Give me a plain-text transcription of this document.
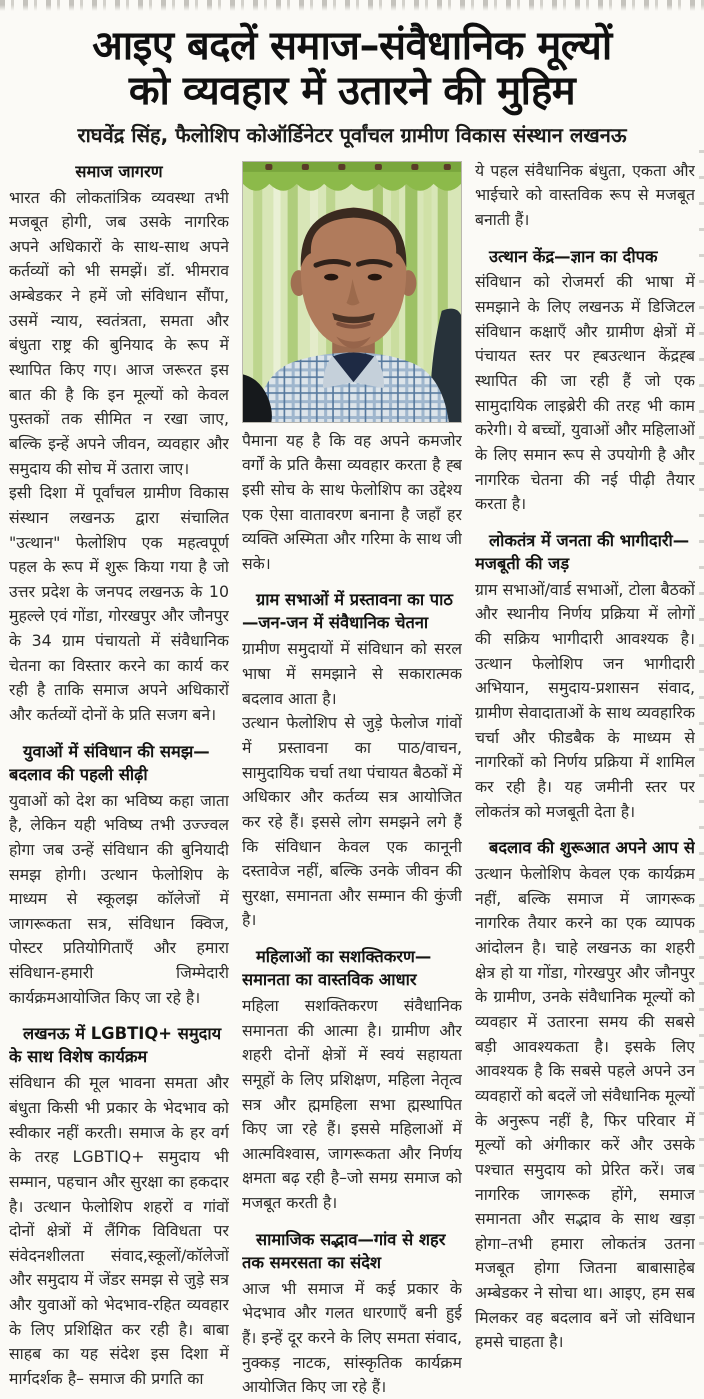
आइए बदलें समाज–संवैधानिक मूल्यों
को व्यवहार में उतारने की मुहिम
राघवेंद्र सिंह, फैलोशिप कोऑर्डिनेटर पूर्वांचल ग्रामीण विकास संस्थान लखनऊ
समाज जागरण

भारत की लोकतांत्रिक व्यवस्था तभी मजबूत होगी, जब उसके नागरिक अपने अधिकारों के साथ-साथ अपने कर्तव्यों को भी समझें। डॉ. भीमराव अम्बेडकर ने हमें जो संविधान सौंपा, उसमें न्याय, स्वतंत्रता, समता और बंधुता राष्ट्र की बुनियाद के रूप में स्थापित किए गए। आज जरूरत इस बात की है कि इन मूल्यों को केवल पुस्तकों तक सीमित न रखा जाए, बल्कि इन्हें अपने जीवन, व्यवहार और समुदाय की सोच में उतारा जाए।

इसी दिशा में पूर्वांचल ग्रामीण विकास संस्थान लखनऊ द्वारा संचालित "उत्थान" फेलोशिप एक महत्वपूर्ण पहल के रूप में शुरू किया गया है जो उत्तर प्रदेश के जनपद लखनऊ के 10 मुहल्ले एवं गोंडा, गोरखपुर और जौनपुर के 34 ग्राम पंचायतो में संवैधानिक चेतना का विस्तार करने का कार्य कर रही है ताकि समाज अपने अधिकारों और कर्तव्यों दोनों के प्रति सजग बने।

युवाओं में संविधान की समझ— बदलाव की पहली सीढ़ी

युवाओं को देश का भविष्य कहा जाता है, लेकिन यही भविष्य तभी उज्ज्वल होगा जब उन्हें संविधान की बुनियादी समझ होगी। उत्थान फेलोशिप के माध्यम से स्कूलझ कॉलेजों में जागरूकता सत्र, संविधान क्विज, पोस्टर प्रतियोगिताएँ और हमारा संविधान-हमारी जिम्मेदारी कार्यक्रमआयोजित किए जा रहे है।

लखनऊ में LGBTIQ+ समुदाय के साथ विशेष कार्यक्रम

संविधान की मूल भावना समता और बंधुता किसी भी प्रकार के भेदभाव को स्वीकार नहीं करती। समाज के हर वर्ग के तरह LGBTIQ+ समुदाय भी सम्मान, पहचान और सुरक्षा का हकदार है। उत्थान फेलोशिप शहरों व गांवों दोनों क्षेत्रों में लैंगिक विविधता पर संवेदनशीलता संवाद,स्कूलों/कॉलेजों और समुदाय में जेंडर समझ से जुड़े सत्र और युवाओं को भेदभाव-रहित व्यवहार के लिए प्रशिक्षित कर रही है। बाबा साहब का यह संदेश इस दिशा में मार्गदर्शक है– समाज की प्रगति का

पैमाना यह है कि वह अपने कमजोर वर्गों के प्रति कैसा व्यवहार करता है ह्ब इसी सोच के साथ फेलोशिप का उद्देश्य एक ऐसा वातावरण बनाना है जहाँ हर व्यक्ति अस्मिता और गरिमा के साथ जी सके।

ग्राम सभाओं में प्रस्तावना का पाठ—जन-जन में संवैधानिक चेतना

ग्रामीण समुदायों में संविधान को सरल भाषा में समझाने से सकारात्मक बदलाव आता है।

उत्थान फेलोशिप से जुड़े फेलोज गांवों में प्रस्तावना का पाठ/वाचन, सामुदायिक चर्चा तथा पंचायत बैठकों में अधिकार और कर्तव्य सत्र आयोजित कर रहे हैं। इससे लोग समझने लगे हैं कि संविधान केवल एक कानूनी दस्तावेज नहीं, बल्कि उनके जीवन की सुरक्षा, समानता और सम्मान की कुंजी है।

महिलाओं का सशक्तिकरण— समानता का वास्तविक आधार

महिला सशक्तिकरण संवैधानिक समानता की आत्मा है। ग्रामीण और शहरी दोनों क्षेत्रों में स्वयं सहायता समूहों के लिए प्रशिक्षण, महिला नेतृत्व सत्र और ह्ममहिला सभा ह्मस्थापित किए जा रहे हैं। इससे महिलाओं में आत्मविश्वास, जागरूकता और निर्णय क्षमता बढ़ रही है–जो समग्र समाज को मजबूत करती है।

सामाजिक सद्भाव—गांव से शहर तक समरसता का संदेश

आज भी समाज में कई प्रकार के भेदभाव और गलत धारणाएँ बनी हुई हैं। इन्हें दूर करने के लिए समता संवाद, नुक्कड़ नाटक, सांस्कृतिक कार्यक्रम आयोजित किए जा रहे हैं।

ये पहल संवैधानिक बंधुता, एकता और भाईचारे को वास्तविक रूप से मजबूत बनाती हैं।

उत्थान केंद्र—ज्ञान का दीपक

संविधान को रोजमर्रा की भाषा में समझाने के लिए लखनऊ में डिजिटल संविधान कक्षाएँ और ग्रामीण क्षेत्रों में पंचायत स्तर पर ह्बउत्थान केंद्रह्ब स्थापित की जा रही हैं जो एक सामुदायिक लाइब्रेरी की तरह भी काम करेगी। ये बच्चों, युवाओं और महिलाओं के लिए समान रूप से उपयोगी है और नागरिक चेतना की नई पीढ़ी तैयार करता है।

लोकतंत्र में जनता की भागीदारी—मजबूती की जड़

ग्राम सभाओं/वार्ड सभाओं, टोला बैठकों और स्थानीय निर्णय प्रक्रिया में लोगों की सक्रिय भागीदारी आवश्यक है। उत्थान फेलोशिप जन भागीदारी अभियान, समुदाय-प्रशासन संवाद, ग्रामीण सेवादाताओं के साथ व्यवहारिक चर्चा और फीडबैक के माध्यम से नागरिकों को निर्णय प्रक्रिया में शामिल कर रही है। यह जमीनी स्तर पर लोकतंत्र को मजबूती देता है।

बदलाव की शुरूआत अपने आप से

उत्थान फेलोशिप केवल एक कार्यक्रम नहीं, बल्कि समाज में जागरूक नागरिक तैयार करने का एक व्यापक आंदोलन है। चाहे लखनऊ का शहरी क्षेत्र हो या गोंडा, गोरखपुर और जौनपुर के ग्रामीण, उनके संवैधानिक मूल्यों को व्यवहार में उतारना समय की सबसे बड़ी आवश्यकता है। इसके लिए आवश्यक है कि सबसे पहले अपने उन व्यवहारों को बदलें जो संवैधानिक मूल्यों के अनुरूप नहीं है, फिर परिवार में मूल्यों को अंगीकार करें और उसके पश्चात समुदाय को प्रेरित करें। जब नागरिक जागरूक होंगे, समाज समानता और सद्भाव के साथ खड़ा होगा–तभी हमारा लोकतंत्र उतना मजबूत होगा जितना बाबासाहेब अम्बेडकर ने सोचा था। आइए, हम सब मिलकर वह बदलाव बनें जो संविधान हमसे चाहता है।
